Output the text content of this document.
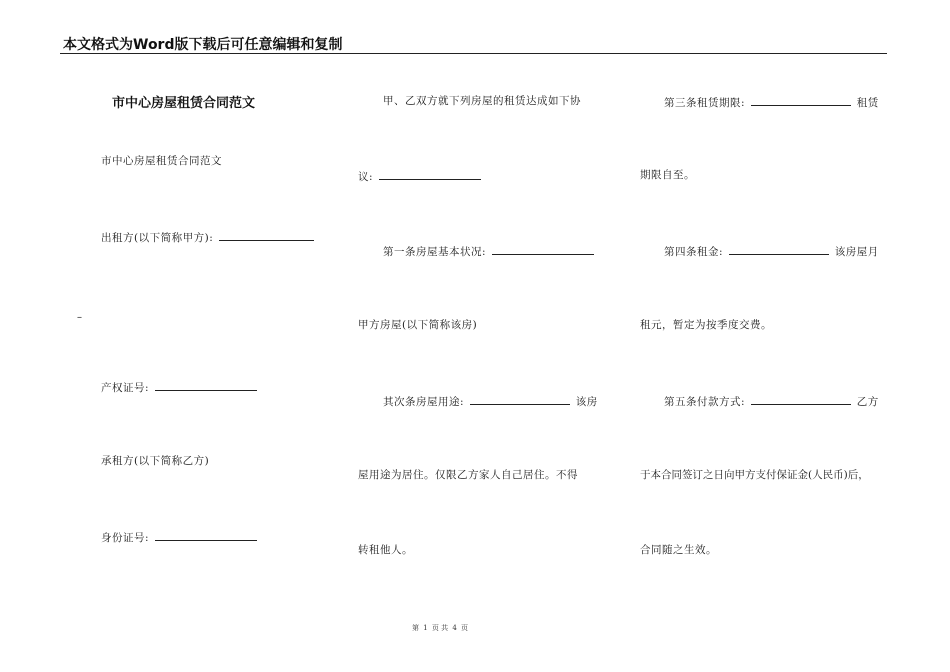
本文格式为Word版下载后可任意编辑和复制
市中心房屋租赁合同范文
市中心房屋租赁合同范文
出租方(以下简称甲方):
–
产权证号:
承租方(以下简称乙方)
身份证号:
甲、乙双方就下列房屋的租赁达成如下协
议:
第一条房屋基本状况:
甲方房屋(以下简称该房)
其次条房屋用途:	该房
屋用途为居住。仅限乙方家人自己居住。不得
转租他人。
第三条租赁期限:	租赁
期限自至。
第四条租金:	该房屋月
租元，暂定为按季度交费。
第五条付款方式:	乙方
于本合同签订之日向甲方支付保证金(人民币)后，
合同随之生效。
第 1 页 共 4 页
